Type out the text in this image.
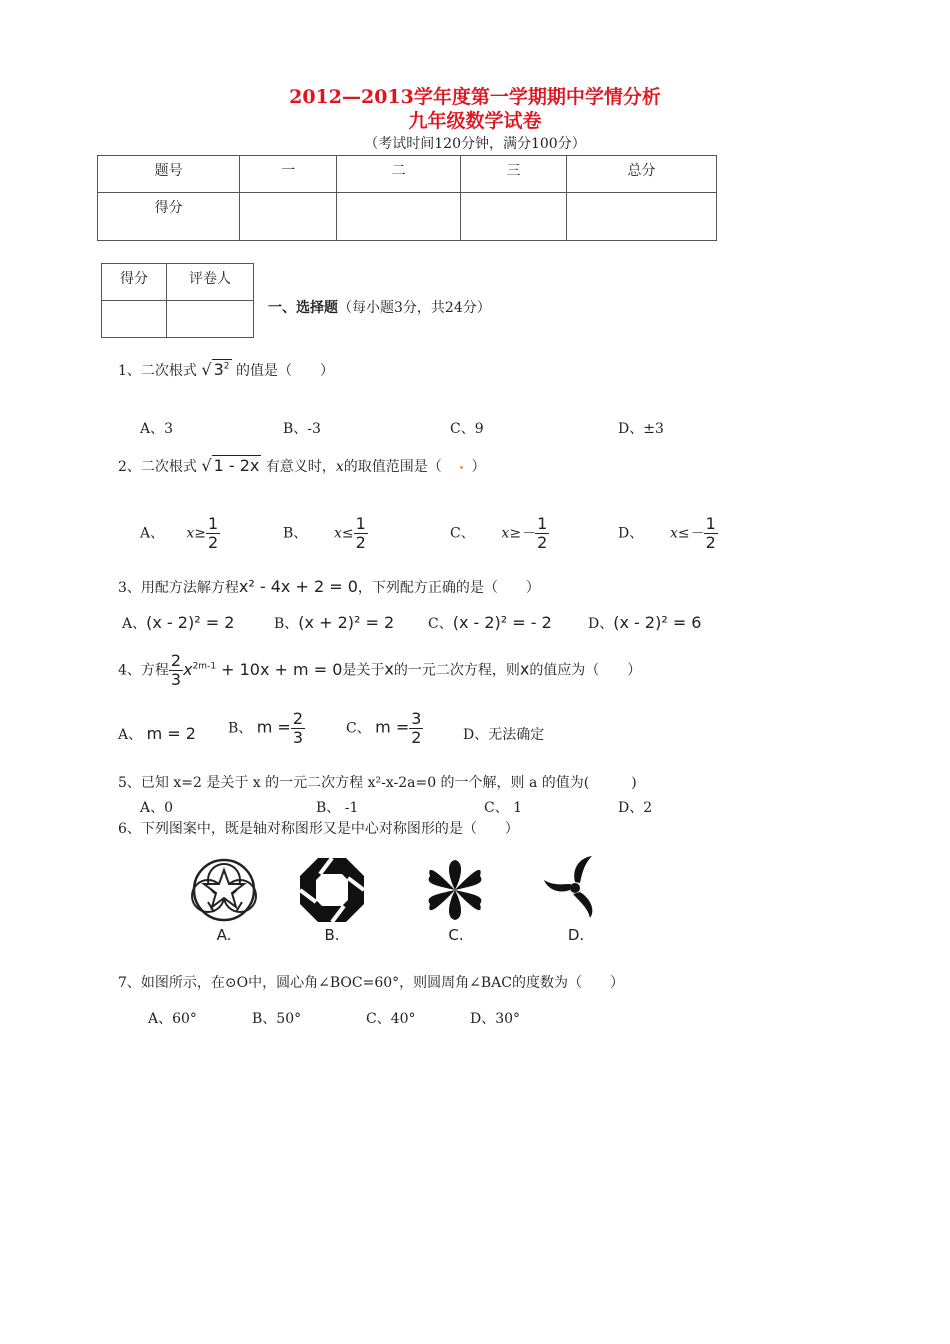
2012—2013学年度第一学期期中学情分析
九年级数学试卷
（考试时间120分钟，满分100分）
题号	一	二	三	总分
得分				
得分	评卷人

一、选择题（每小题3分，共24分）
1、二次根式 √ $3^2$ 的值是（　　）
A、3	B、-3	C、9	D、±3
2、二次根式 √ 1 - 2x 有意义时，x的取值范围是（ ）
A、 $x\ge \frac{1}{2}$	B、 $x\le \frac{1}{2}$	C、 $x\ge- \frac{1}{2}$	D、 $x\le- \frac{1}{2}$
3、用配方法解方程x² - 4x + 2 = 0，下列配方正确的是（　　）
A、(x - 2)² = 2	B、(x + 2)² = 2 C、(x - 2)² = - 2	D、(x - 2)² = 6
4、方程 $\frac{2}{3} x^{2m-1} + 10x + m = 0$是关于x的一元二次方程，则x的值应为（　　）
A、 m = 2 B、 $m = \frac{2}{3}$	C、 $m = \frac{3}{2}$	D、无法确定
5、已知 x=2 是关于 x 的一元二次方程 x²-x-2a=0 的一个解，则 a 的值为(　　　)
A、0	B、 -1	C、 1	D、2
6、下列图案中，既是轴对称图形又是中心对称图形的是（　　）
A.	B.	C.	D.
7、如图所示，在⊙O中，圆心角∠BOC=60°，则圆周角∠BAC的度数为（　　）
A、60°	B、50°	C、40°	D、30°
